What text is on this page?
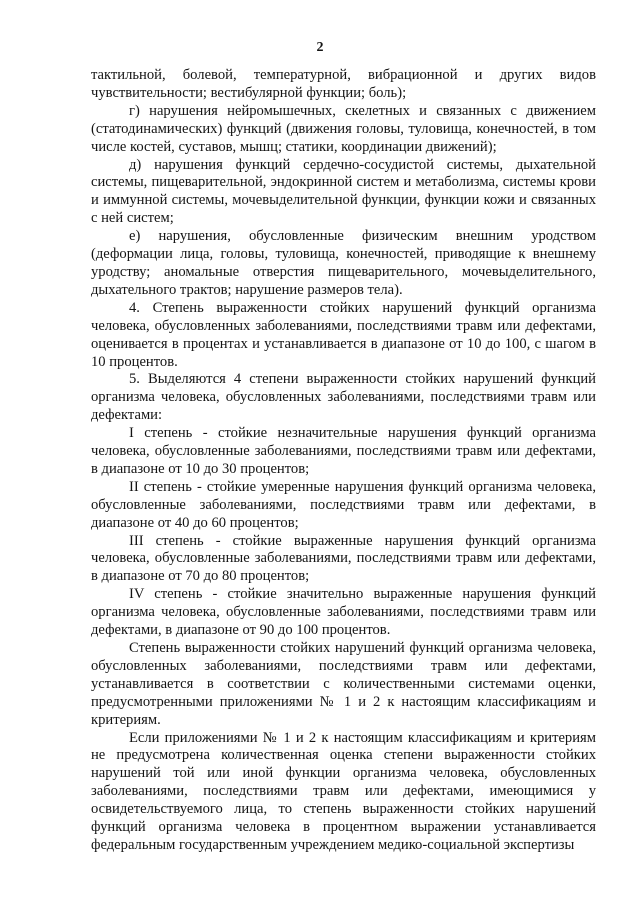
2

тактильной, болевой, температурной, вибрационной и других видов чувствительности; вестибулярной функции; боль);

г) нарушения нейромышечных, скелетных и связанных с движением (статодинамических) функций (движения головы, туловища, конечностей, в том числе костей, суставов, мышц; статики, координации движений);

д) нарушения функций сердечно-сосудистой системы, дыхательной системы, пищеварительной, эндокринной систем и метаболизма, системы крови и иммунной системы, мочевыделительной функции, функции кожи и связанных с ней систем;

е) нарушения, обусловленные физическим внешним уродством (деформации лица, головы, туловища, конечностей, приводящие к внешнему уродству; аномальные отверстия пищеварительного, мочевыделительного, дыхательного трактов; нарушение размеров тела).

4. Степень выраженности стойких нарушений функций организма человека, обусловленных заболеваниями, последствиями травм или дефектами, оценивается в процентах и устанавливается в диапазоне от 10 до 100, с шагом в 10 процентов.

5. Выделяются 4 степени выраженности стойких нарушений функций организма человека, обусловленных заболеваниями, последствиями травм или дефектами:

I степень - стойкие незначительные нарушения функций организма человека, обусловленные заболеваниями, последствиями травм или дефектами, в диапазоне от 10 до 30 процентов;

II степень - стойкие умеренные нарушения функций организма человека, обусловленные заболеваниями, последствиями травм или дефектами, в диапазоне от 40 до 60 процентов;

III степень - стойкие выраженные нарушения функций организма человека, обусловленные заболеваниями, последствиями травм или дефектами, в диапазоне от 70 до 80 процентов;

IV степень - стойкие значительно выраженные нарушения функций организма человека, обусловленные заболеваниями, последствиями травм или дефектами, в диапазоне от 90 до 100 процентов.

Степень выраженности стойких нарушений функций организма человека, обусловленных заболеваниями, последствиями травм или дефектами, устанавливается в соответствии с количественными системами оценки, предусмотренными приложениями № 1 и 2 к настоящим классификациям и критериям.

Если приложениями № 1 и 2 к настоящим классификациям и критериям не предусмотрена количественная оценка степени выраженности стойких нарушений той или иной функции организма человека, обусловленных заболеваниями, последствиями травм или дефектами, имеющимися у освидетельствуемого лица, то степень выраженности стойких нарушений функций организма человека в процентном выражении устанавливается федеральным государственным учреждением медико-социальной экспертизы
